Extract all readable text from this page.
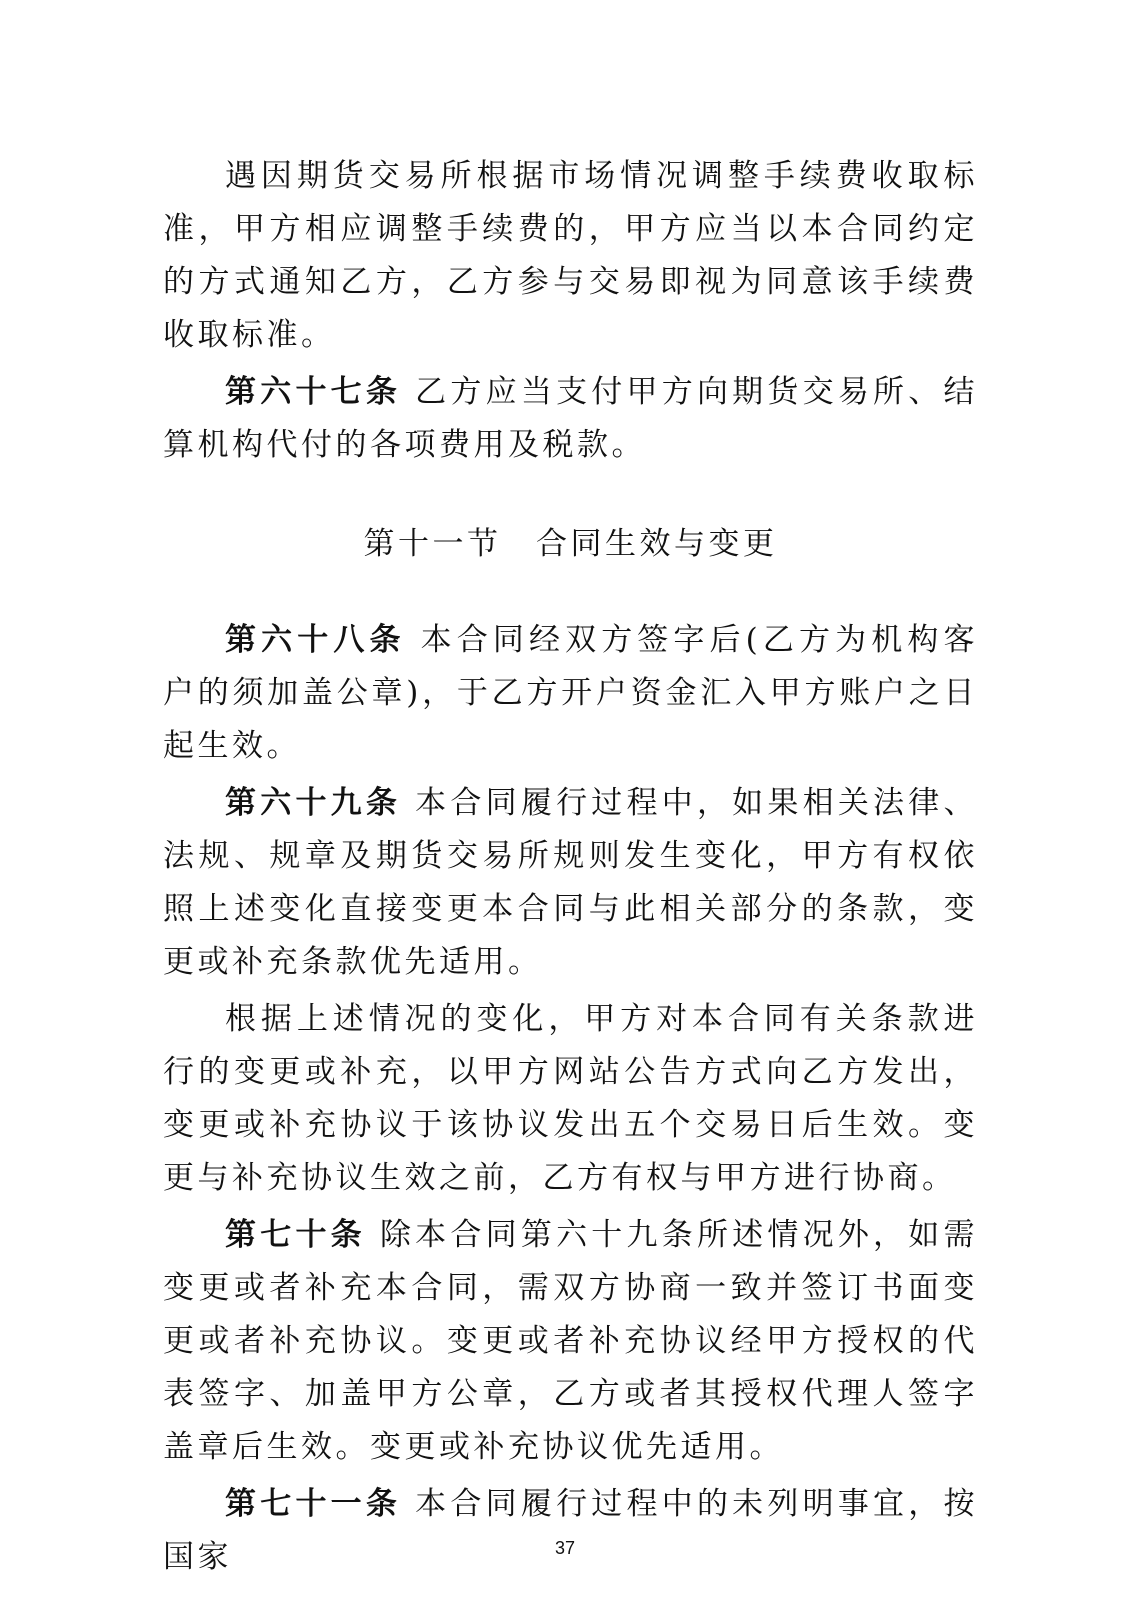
遇因期货交易所根据市场情况调整手续费收取标准，甲方相应调整手续费的，甲方应当以本合同约定的方式通知乙方，乙方参与交易即视为同意该手续费收取标准。

第六十七条 乙方应当支付甲方向期货交易所、结算机构代付的各项费用及税款。

第十一节　合同生效与变更

第六十八条 本合同经双方签字后(乙方为机构客户的须加盖公章)，于乙方开户资金汇入甲方账户之日起生效。

第六十九条 本合同履行过程中，如果相关法律、法规、规章及期货交易所规则发生变化，甲方有权依照上述变化直接变更本合同与此相关部分的条款，变更或补充条款优先适用。

根据上述情况的变化，甲方对本合同有关条款进行的变更或补充，以甲方网站公告方式向乙方发出，变更或补充协议于该协议发出五个交易日后生效。变更与补充协议生效之前，乙方有权与甲方进行协商。

第七十条 除本合同第六十九条所述情况外，如需变更或者补充本合同，需双方协商一致并签订书面变更或者补充协议。变更或者补充协议经甲方授权的代表签字、加盖甲方公章，乙方或者其授权代理人签字盖章后生效。变更或补充协议优先适用。

第七十一条 本合同履行过程中的未列明事宜，按国家	37
